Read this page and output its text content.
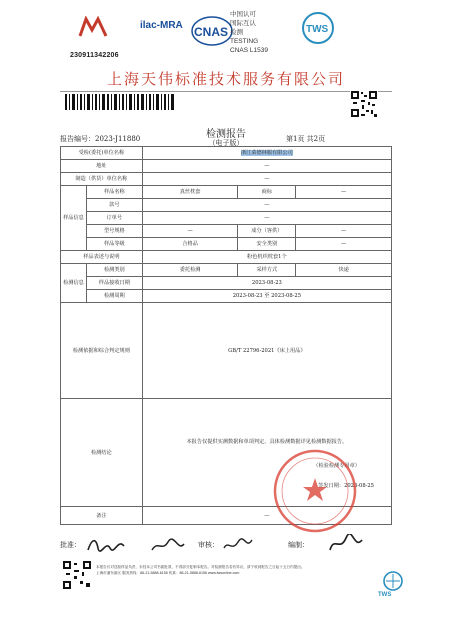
230911342206
ilac-MRA CNAS
中国认可
国际互认
检测
TESTING
CNAS L1539
TWS
上海天伟标准技术服务有限公司
检测报告
（电子版）
报告编号：2023-J11880	第1页 共2页
受检(委托)单位名称		浙江菜德林服有限公司		
地址		—		
制造（供货）单位名称		—		
样品信息	样品名称	真丝枕套	商标	—
	款号	—		
	订单号	—		
	型号规格	—	成分（客供）	—
	样品等级	合格品	安全类别	—
样品表述与说明		粉色机织枕套1个		
检测信息	检测类别	委托检测	采样方式	快递
	样品接收日期	2023-08-23		
	检测周期	2023-08-23 至 2023-08-25		
检测依据和综合判定规则		GB/T 22796-2021《床上用品》		
检测结论		本报告仅提供实测数据和单项判定，具体检测数据详见检测数据报告。
（检验检测专用章）
签发日期：2023-08-25		

备注		—		
批准：	审核：	编制：
本报告仅对送检样品负责，未经本公司书面批准，不得部分复制本报告。对检测报告若有异议，请于收到报告之日起十五日内提出。
上海市浦东新区 服务热线：86-21-5888-6155 传真：86-21-5888-6156 www.twsonline.com
TWS
